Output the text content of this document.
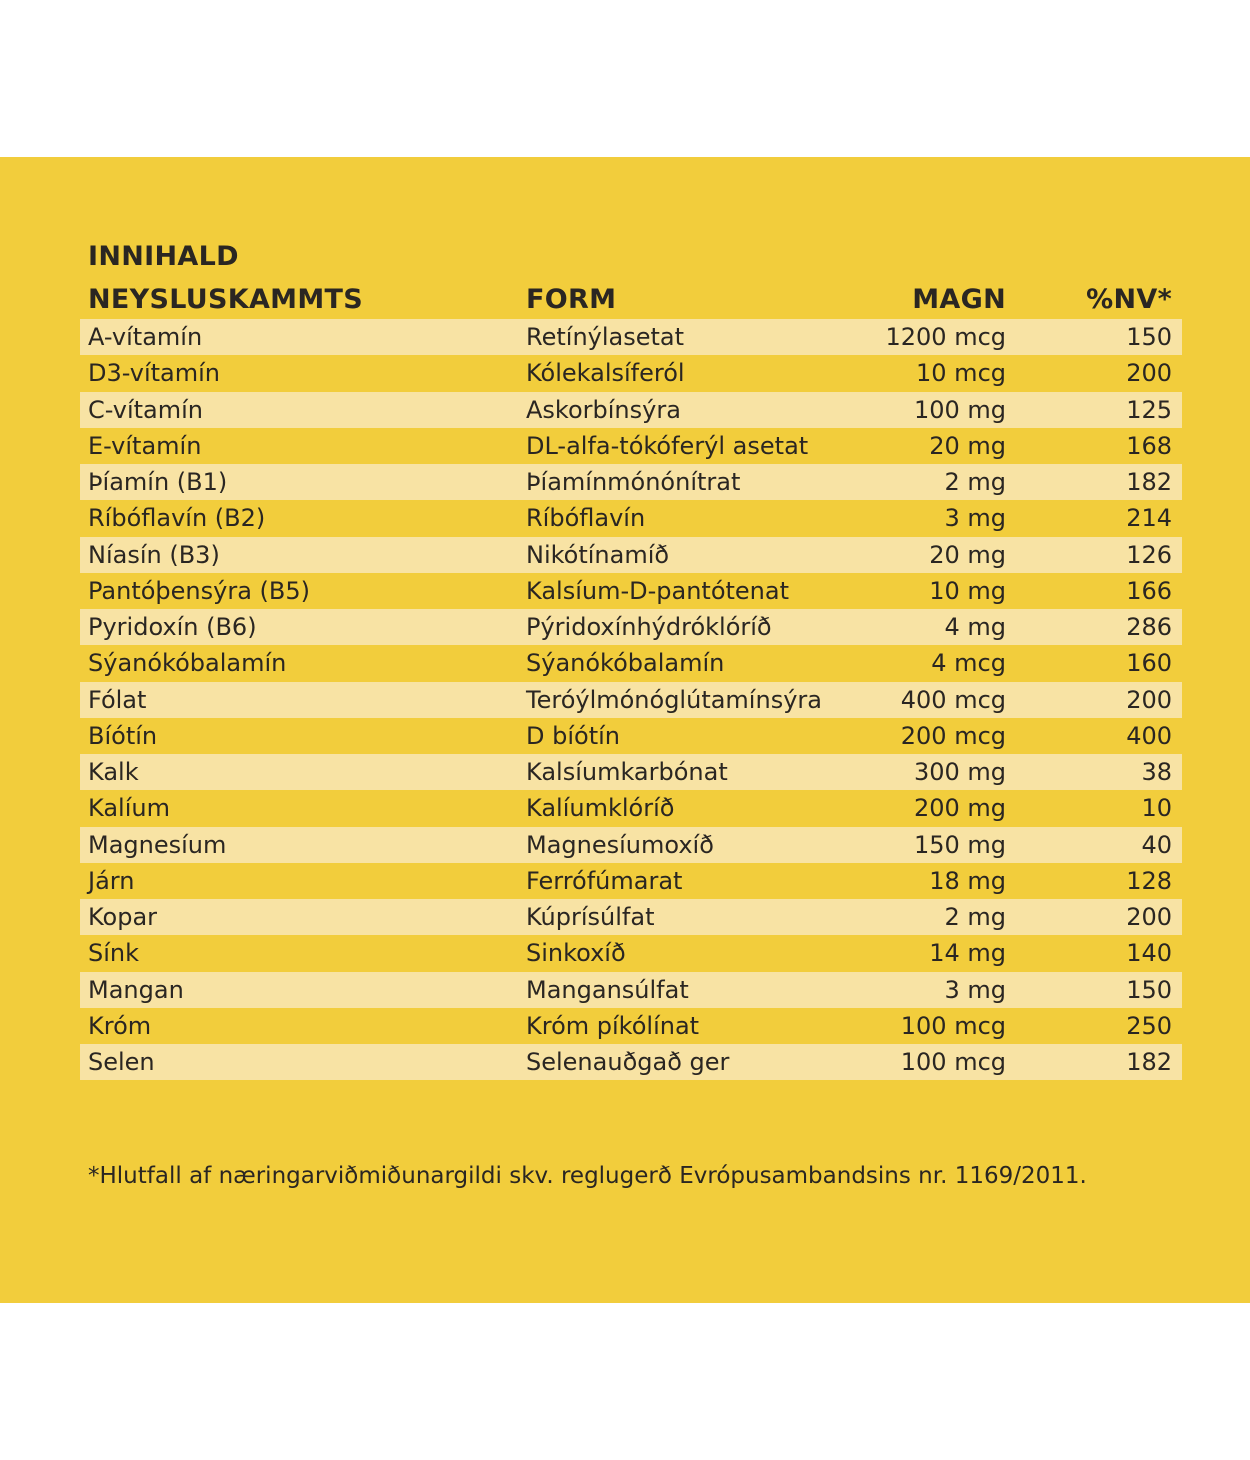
INNIHALD
NEYSLUSKAMMTS	FORM	MAGN	%NV*
A-vítamín	Retínýlasetat	1200 mcg	150
D3-vítamín	Kólekalsíferól	10 mcg	200
C-vítamín	Askorbínsýra	100 mg	125
E-vítamín	DL-alfa-tókóferýl asetat	20 mg	168
Þíamín (B1)	Þíamínmónónítrat	2 mg	182
Ríbóflavín (B2)	Ríbóflavín	3 mg	214
Níasín (B3)	Nikótínamíð	20 mg	126
Pantóþensýra (B5)	Kalsíum-D-pantótenat	10 mg	166
Pyridoxín (B6)	Pýridoxínhýdróklóríð	4 mg	286
Sýanókóbalamín	Sýanókóbalamín	4 mcg	160
Fólat	Teróýlmónóglútamínsýra	400 mcg	200
Bíótín	D bíótín	200 mcg	400
Kalk	Kalsíumkarbónat	300 mg	38
Kalíum	Kalíumklóríð	200 mg	10
Magnesíum	Magnesíumoxíð	150 mg	40
Járn	Ferrófúmarat	18 mg	128
Kopar	Kúprísúlfat	2 mg	200
Sínk	Sinkoxíð	14 mg	140
Mangan	Mangansúlfat	3 mg	150
Króm	Króm píkólínat	100 mcg	250
Selen	Selenauðgað ger	100 mcg	182
*Hlutfall af næringarviðmiðunargildi skv. reglugerð Evrópusambandsins nr. 1169/2011.
